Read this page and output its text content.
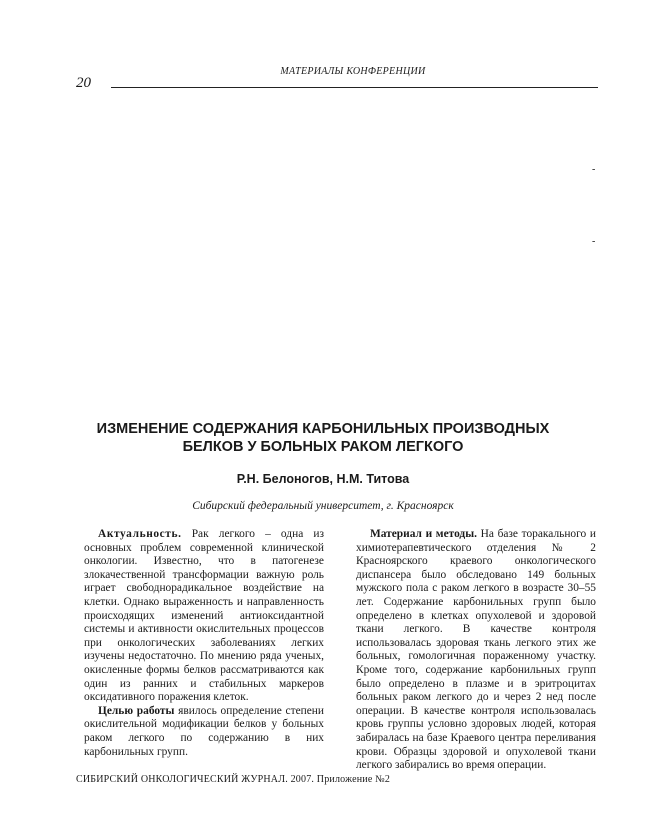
МАТЕРИАЛЫ КОНФЕРЕНЦИИ
20
-
-
ИЗМЕНЕНИЕ СОДЕРЖАНИЯ КАРБОНИЛЬНЫХ ПРОИЗВОДНЫХ
БЕЛКОВ У БОЛЬНЫХ РАКОМ ЛЕГКОГО
Р.Н. Белоногов, Н.М. Титова
Сибирский федеральный университет, г. Красноярск

Актуальность. Рак легкого – одна из основных проблем современной клинической онкологии. Известно, что в патогенезе злокачественной трансформации важную роль играет свободнорадикальное воздействие на клетки. Однако выраженность и направленность происходящих изменений антиоксидантной системы и активности окислительных процессов при онкологических заболеваниях легких изучены недостаточно. По мнению ряда ученых, окисленные формы белков рассматриваются как один из ранних и стабильных маркеров оксидативного поражения клеток.

Целью работы явилось определение степени окислительной модификации белков у больных раком легкого по содержанию в них карбонильных групп.

Материал и методы. На базе торакального и химиотерапевтического отделения № 2 Красноярского краевого онкологического диспансера было обследовано 149 больных мужского пола с раком легкого в возрасте 30–55 лет. Содержание карбонильных групп было определено в клетках опухолевой и здоровой ткани легкого. В качестве контроля использовалась здоровая ткань легкого этих же больных, гомологичная пораженному участку. Кроме того, содержание карбонильных групп было определено в плазме и в эритроцитах больных раком легкого до и через 2 нед после операции. В качестве контроля использовалась кровь группы условно здоровых людей, которая забиралась на базе Краевого центра переливания крови. Образцы здоровой и опухолевой ткани легкого забирались во время операции.

СИБИРСКИЙ ОНКОЛОГИЧЕСКИЙ ЖУРНАЛ. 2007. Приложение №2
